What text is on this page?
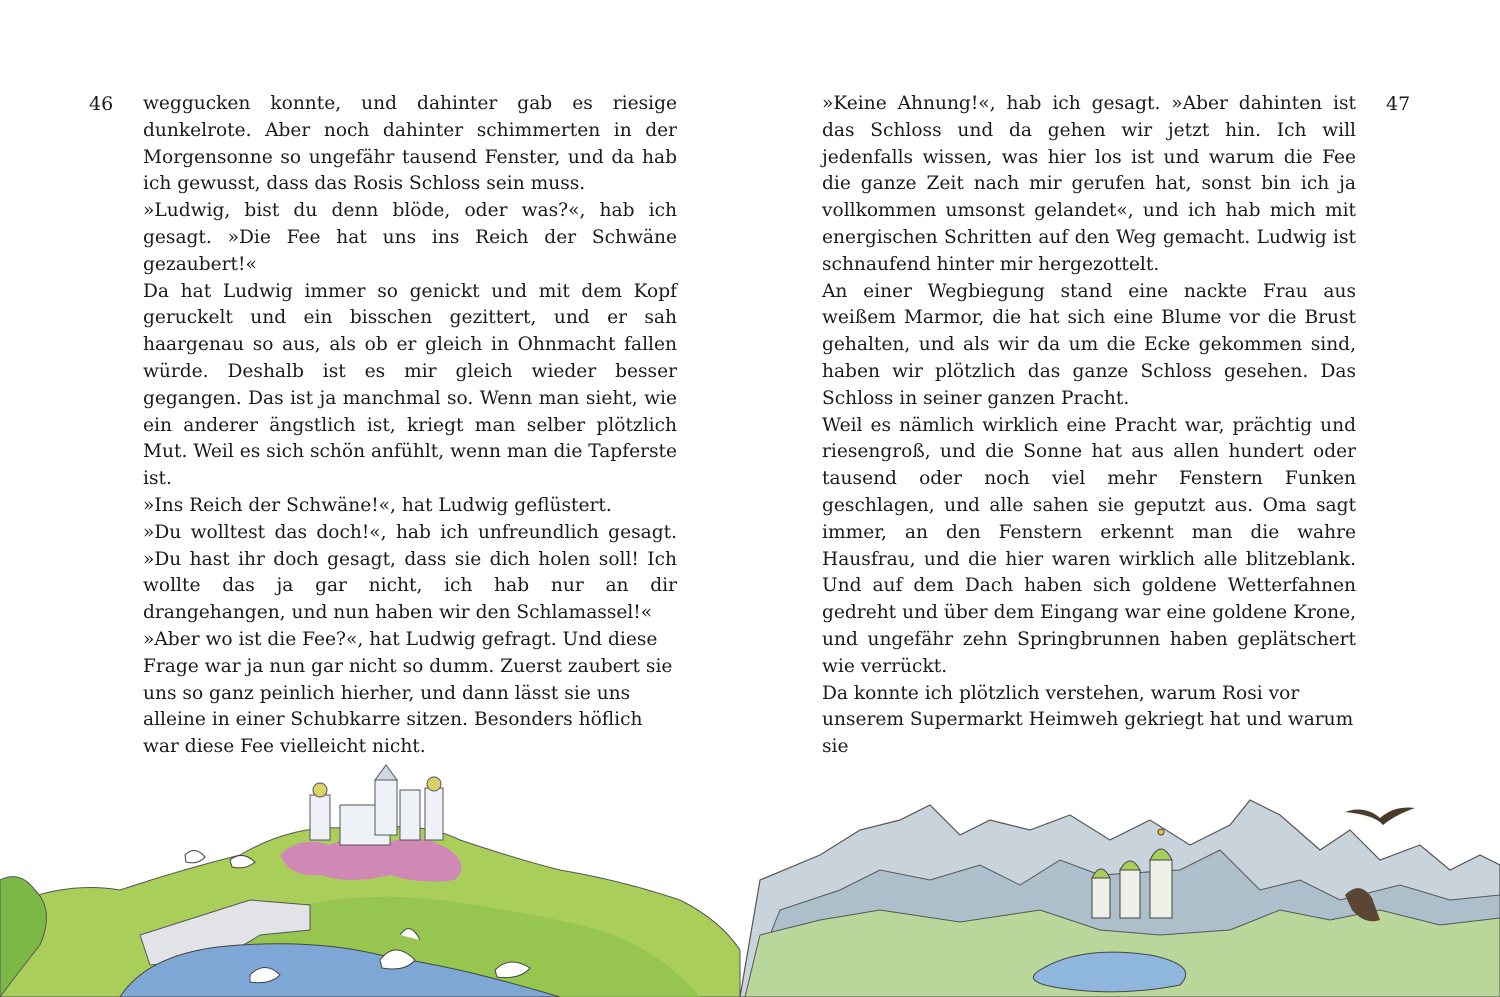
46	47

weggucken konnte, und dahinter gab es riesige dunkelrote. Aber noch dahinter schimmerten in der Morgensonne so ungefähr tausend Fenster, und da hab ich gewusst, dass das Rosis Schloss sein muss.

»Ludwig, bist du denn blöde, oder was?«, hab ich gesagt. »Die Fee hat uns ins Reich der Schwäne gezaubert!«

Da hat Ludwig immer so genickt und mit dem Kopf geruckelt und ein bisschen gezittert, und er sah haargenau so aus, als ob er gleich in Ohnmacht fallen würde. Deshalb ist es mir gleich wieder besser gegangen. Das ist ja manchmal so. Wenn man sieht, wie ein anderer ängstlich ist, kriegt man selber plötzlich Mut. Weil es sich schön anfühlt, wenn man die Tapferste ist.

»Ins Reich der Schwäne!«, hat Ludwig geflüstert.

»Du wolltest das doch!«, hab ich unfreundlich gesagt. »Du hast ihr doch gesagt, dass sie dich holen soll! Ich wollte das ja gar nicht, ich hab nur an dir drangehangen, und nun haben wir den Schlamassel!«

»Aber wo ist die Fee?«, hat Ludwig gefragt. Und diese Frage war ja nun gar nicht so dumm. Zuerst zaubert sie uns so ganz peinlich hierher, und dann lässt sie uns alleine in einer Schubkarre sitzen. Besonders höflich war diese Fee vielleicht nicht.

»Keine Ahnung!«, hab ich gesagt. »Aber dahinten ist das Schloss und da gehen wir jetzt hin. Ich will jedenfalls wissen, was hier los ist und warum die Fee die ganze Zeit nach mir gerufen hat, sonst bin ich ja vollkommen umsonst gelandet«, und ich hab mich mit energischen Schritten auf den Weg gemacht. Ludwig ist schnaufend hinter mir hergezottelt.

An einer Wegbiegung stand eine nackte Frau aus weißem Marmor, die hat sich eine Blume vor die Brust gehalten, und als wir da um die Ecke gekommen sind, haben wir plötzlich das ganze Schloss gesehen. Das Schloss in seiner ganzen Pracht.

Weil es nämlich wirklich eine Pracht war, prächtig und riesengroß, und die Sonne hat aus allen hundert oder tausend oder noch viel mehr Fenstern Funken geschlagen, und alle sahen sie geputzt aus. Oma sagt immer, an den Fenstern erkennt man die wahre Hausfrau, und die hier waren wirklich alle blitzeblank. Und auf dem Dach haben sich goldene Wetterfahnen gedreht und über dem Eingang war eine goldene Krone, und ungefähr zehn Springbrunnen haben geplätschert wie verrückt.

Da konnte ich plötzlich verstehen, warum Rosi vor unserem Supermarkt Heimweh gekriegt hat und warum sie
